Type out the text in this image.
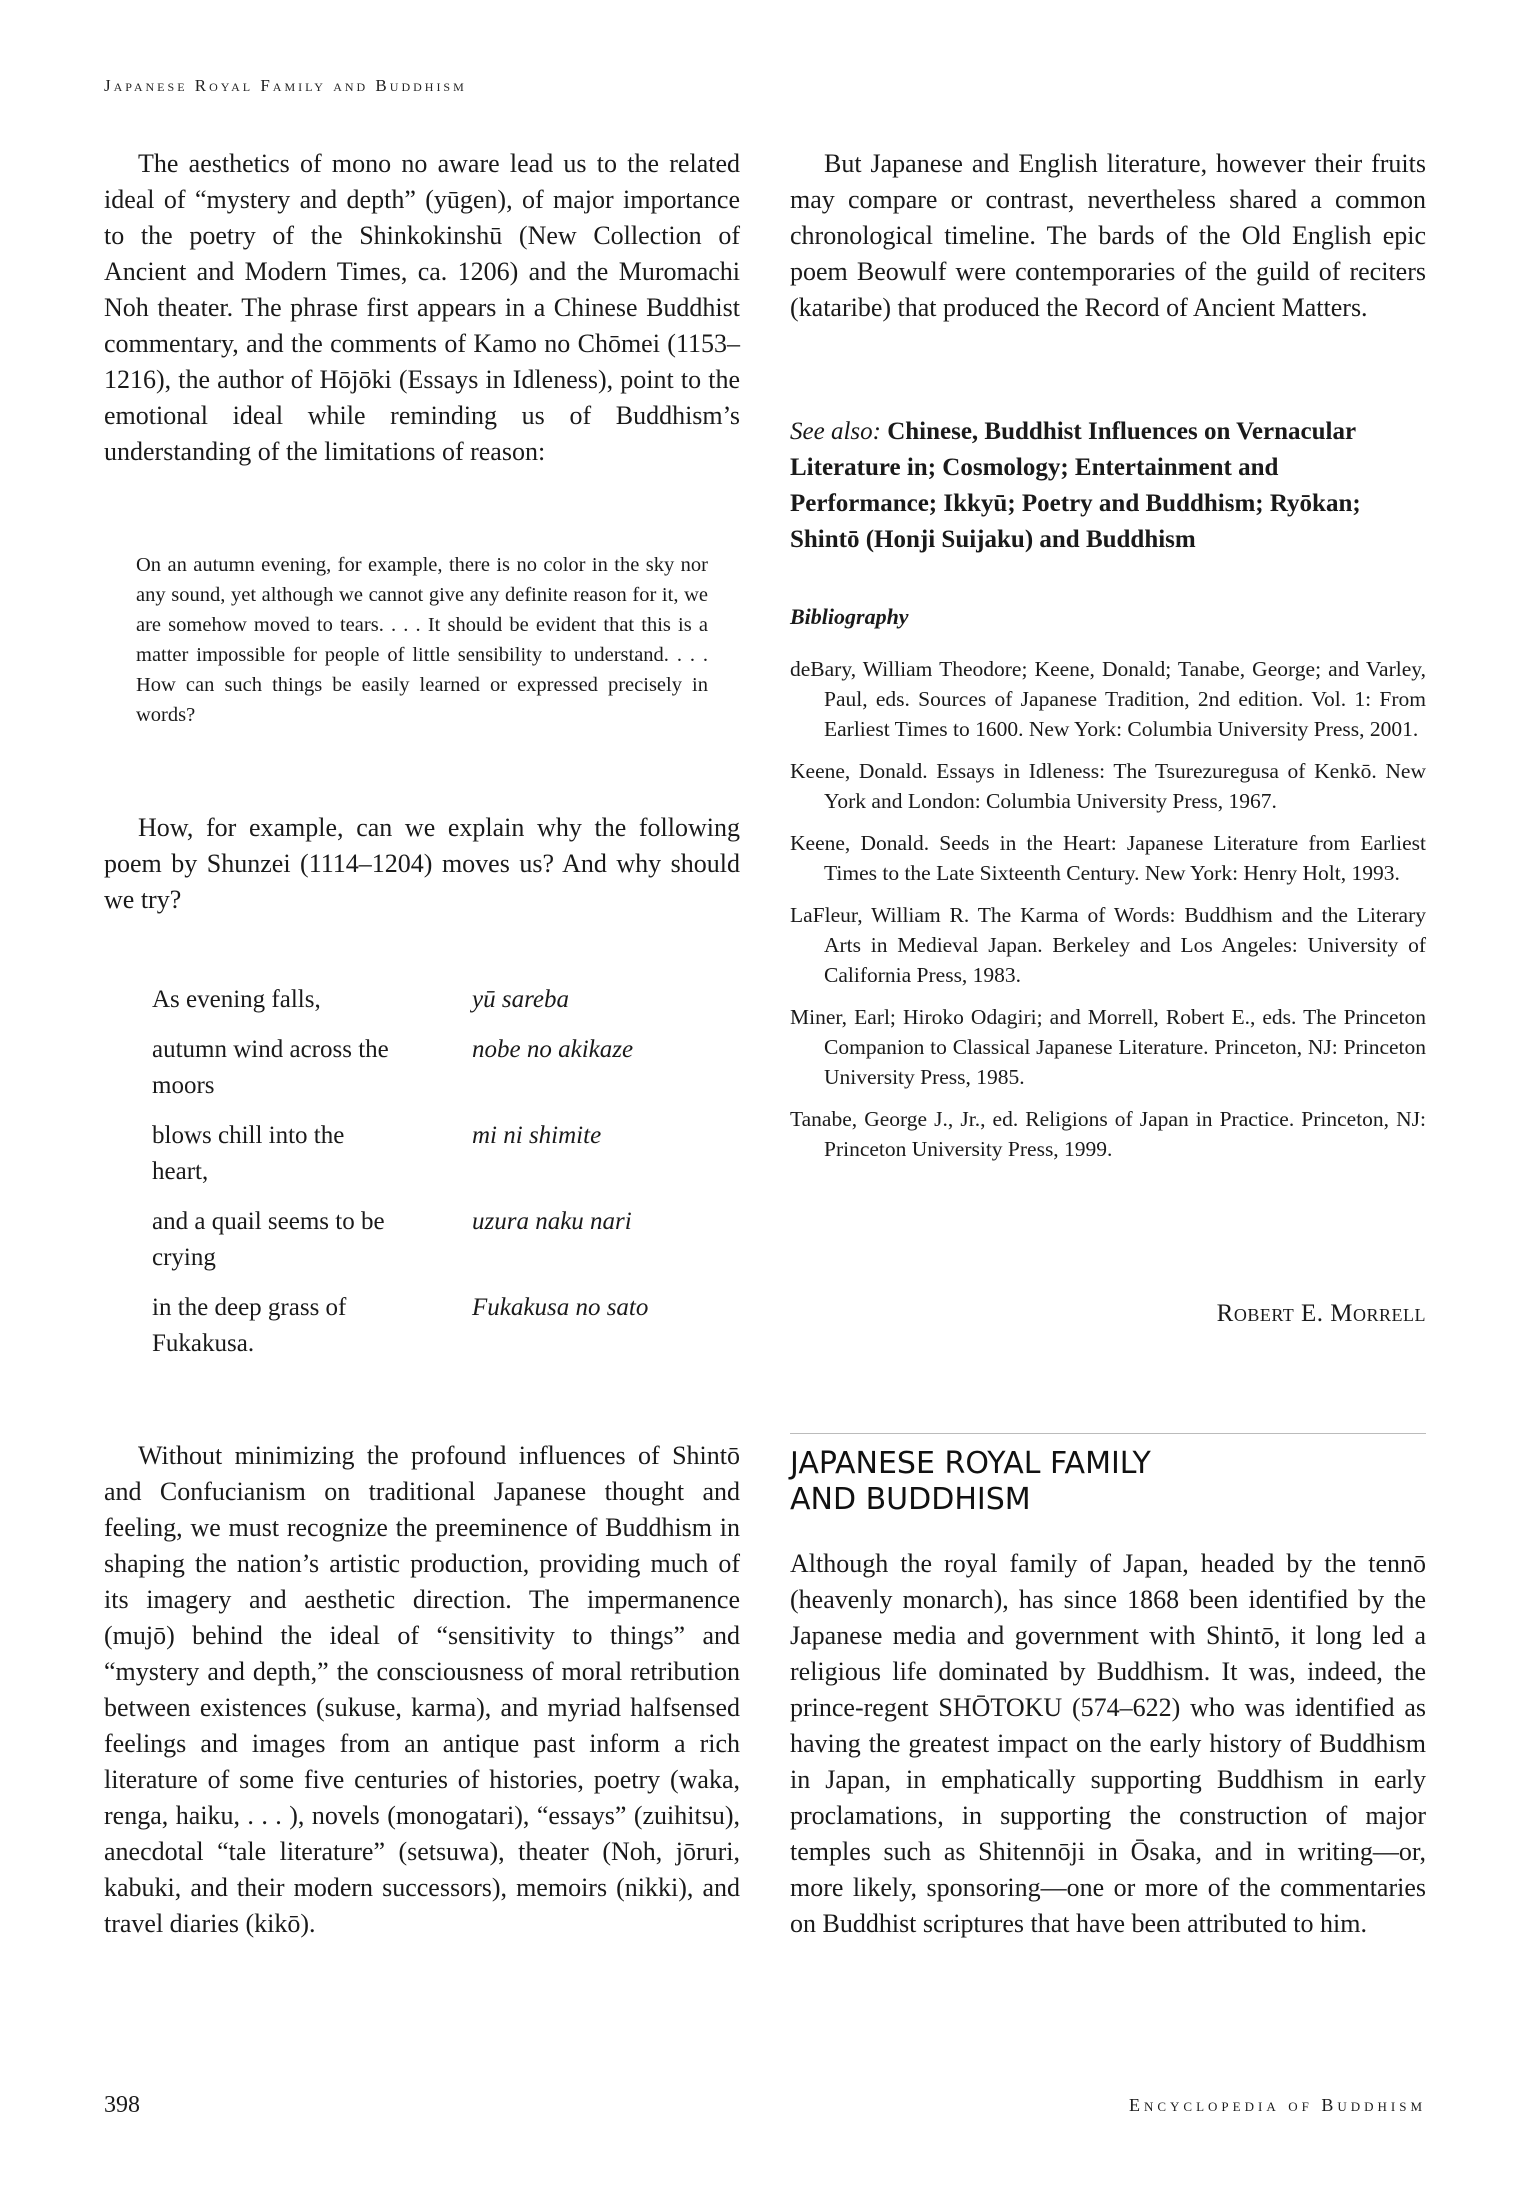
Japanese Royal Family and Buddhism

The aesthetics of mono no aware lead us to the related ideal of “mystery and depth” (yūgen), of major importance to the poetry of the Shinkokinshū (New Collection of Ancient and Modern Times, ca. 1206) and the Muromachi Noh theater. The phrase first appears in a Chinese Buddhist commentary, and the comments of Kamo no Chōmei (1153–1216), the author of Hōjōki (Essays in Idleness), point to the emotional ideal while reminding us of Buddhism’s understanding of the limitations of reason:

On an autumn evening, for example, there is no color in the sky nor any sound, yet although we cannot give any definite reason for it, we are somehow moved to tears. . . . It should be evident that this is a matter impossible for people of little sensibility to understand. . . . How can such things be easily learned or expressed precisely in words?

How, for example, can we explain why the following poem by Shunzei (1114–1204) moves us? And why should we try?

As evening falls,	yū sareba
autumn wind across the moors
nobe no akikaze
blows chill into the heart,
mi ni shimite
and a quail seems to be crying
uzura naku nari
in the deep grass of Fukakusa.
Fukakusa no sato

Without minimizing the profound influences of Shintō and Confucianism on traditional Japanese thought and feeling, we must recognize the preeminence of Buddhism in shaping the nation’s artistic production, providing much of its imagery and aesthetic direction. The impermanence (mujō) behind the ideal of “sensitivity to things” and “mystery and depth,” the consciousness of moral retribution between existences (sukuse, karma), and myriad halfsensed feelings and images from an antique past inform a rich literature of some five centuries of histories, poetry (waka, renga, haiku, . . . ), novels (monogatari), “essays” (zuihitsu), anecdotal “tale literature” (setsuwa), theater (Noh, jōruri, kabuki, and their modern successors), memoirs (nikki), and travel diaries (kikō).

But Japanese and English literature, however their fruits may compare or contrast, nevertheless shared a common chronological timeline. The bards of the Old English epic poem Beowulf were contemporaries of the guild of reciters (kataribe) that produced the Record of Ancient Matters.

See also: Chinese, Buddhist Influences on Vernacular Literature in; Cosmology; Entertainment and Performance; Ikkyū; Poetry and Buddhism; Ryōkan; Shintō (Honji Suijaku) and Buddhism
Bibliography

deBary, William Theodore; Keene, Donald; Tanabe, George; and Varley, Paul, eds. Sources of Japanese Tradition, 2nd edition. Vol. 1: From Earliest Times to 1600. New York: Columbia University Press, 2001.

Keene, Donald. Essays in Idleness: The Tsurezuregusa of Kenkō. New York and London: Columbia University Press, 1967.

Keene, Donald. Seeds in the Heart: Japanese Literature from Earliest Times to the Late Sixteenth Century. New York: Henry Holt, 1993.

LaFleur, William R. The Karma of Words: Buddhism and the Literary Arts in Medieval Japan. Berkeley and Los Angeles: University of California Press, 1983.

Miner, Earl; Hiroko Odagiri; and Morrell, Robert E., eds. The Princeton Companion to Classical Japanese Literature. Princeton, NJ: Princeton University Press, 1985.

Tanabe, George J., Jr., ed. Religions of Japan in Practice. Princeton, NJ: Princeton University Press, 1999.

Robert E. Morrell
JAPANESE ROYAL FAMILY
AND BUDDHISM

Although the royal family of Japan, headed by the tennō (heavenly monarch), has since 1868 been identified by the Japanese media and government with Shintō, it long led a religious life dominated by Buddhism. It was, indeed, the prince-regent SHŌTOKU (574–622) who was identified as having the greatest impact on the early history of Buddhism in Japan, in emphatically supporting Buddhism in early proclamations, in supporting the construction of major temples such as Shitennōji in Ōsaka, and in writing—or, more likely, sponsoring—one or more of the commentaries on Buddhist scriptures that have been attributed to him.

398	Encyclopedia of Buddhism
